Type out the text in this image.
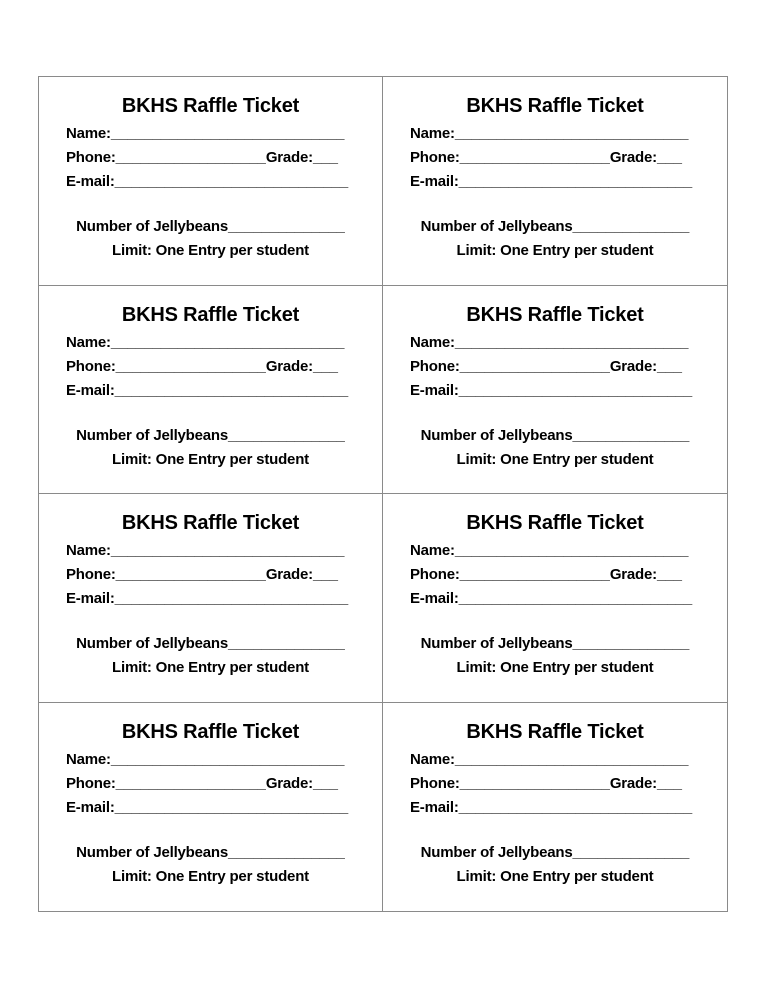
BKHS Raffle Ticket
Name:____________________________
Phone:__________________Grade:___
E-mail:____________________________
Number of Jellybeans______________
Limit: One Entry per student
BKHS Raffle Ticket
Name:____________________________
Phone:__________________Grade:___
E-mail:____________________________
Number of Jellybeans______________
Limit: One Entry per student
BKHS Raffle Ticket
Name:____________________________
Phone:__________________Grade:___
E-mail:____________________________
Number of Jellybeans______________
Limit: One Entry per student
BKHS Raffle Ticket
Name:____________________________
Phone:__________________Grade:___
E-mail:____________________________
Number of Jellybeans______________
Limit: One Entry per student
BKHS Raffle Ticket
Name:____________________________
Phone:__________________Grade:___
E-mail:____________________________
Number of Jellybeans______________
Limit: One Entry per student
BKHS Raffle Ticket
Name:____________________________
Phone:__________________Grade:___
E-mail:____________________________
Number of Jellybeans______________
Limit: One Entry per student
BKHS Raffle Ticket
Name:____________________________
Phone:__________________Grade:___
E-mail:____________________________
Number of Jellybeans______________
Limit: One Entry per student
BKHS Raffle Ticket
Name:____________________________
Phone:__________________Grade:___
E-mail:____________________________
Number of Jellybeans______________
Limit: One Entry per student
